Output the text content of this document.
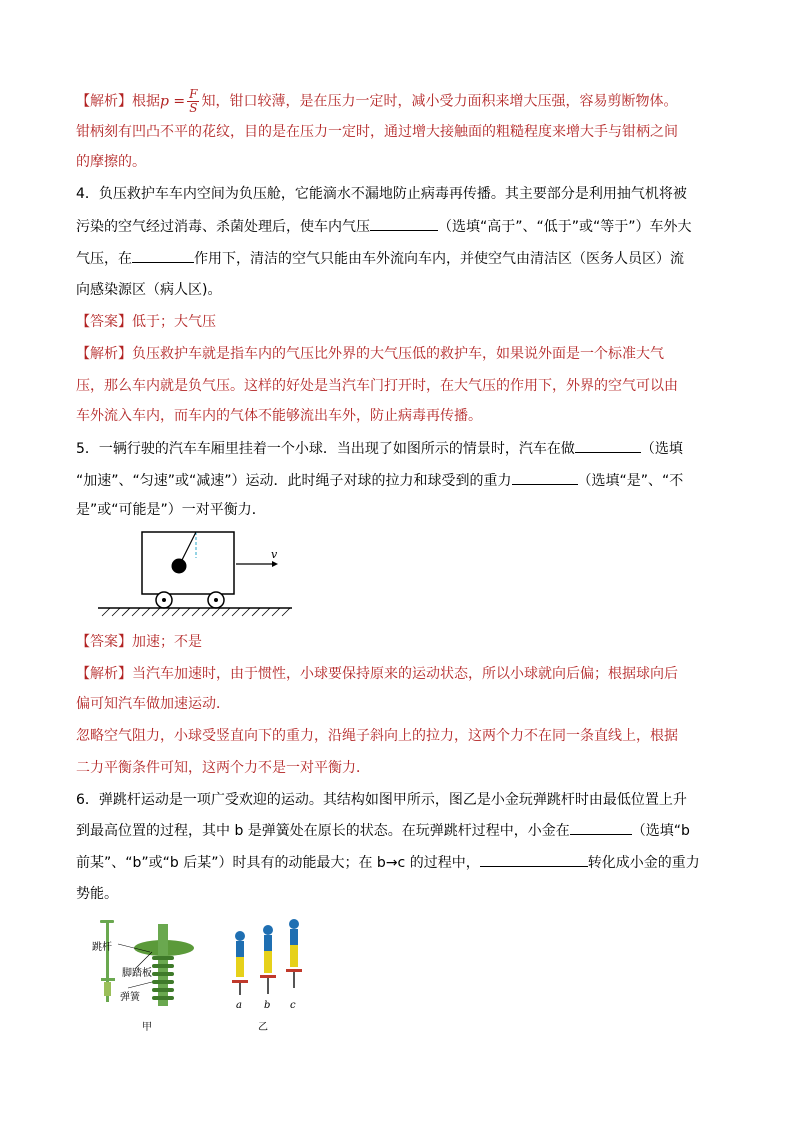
【解析】根据$p = \frac{F}{S}$ 知，钳口较薄，是在压力一定时，减小受力面积来增大压强，容易剪断物体。
钳柄刻有凹凸不平的花纹，目的是在压力一定时，通过增大接触面的粗糙程度来增大手与钳柄之间
的摩擦的。
4．负压救护车车内空间为负压舱，它能滴水不漏地防止病毒再传播。其主要部分是利用抽气机将被
污染的空气经过消毒、杀菌处理后，使车内气压	（选填“高于”、“低于”或“等于”）车外大
气压，在	作用下，清洁的空气只能由车外流向车内，并使空气由清洁区（医务人员区）流
向感染源区（病人区)。
【答案】低于；大气压
【解析】负压救护车就是指车内的气压比外界的大气压低的救护车，如果说外面是一个标准大气
压，那么车内就是负气压。这样的好处是当汽车门打开时，在大气压的作用下，外界的空气可以由
车外流入车内，而车内的气体不能够流出车外，防止病毒再传播。
5．一辆行驶的汽车车厢里挂着一个小球．当出现了如图所示的情景时，汽车在做	（选填
“加速”、“匀速”或“减速”）运动．此时绳子对球的拉力和球受到的重力	（选填“是”、“不
是”或“可能是”）一对平衡力．
v
【答案】加速；不是
【解析】当汽车加速时，由于惯性，小球要保持原来的运动状态，所以小球就向后偏；根据球向后
偏可知汽车做加速运动．
忽略空气阻力，小球受竖直向下的重力，沿绳子斜向上的拉力，这两个力不在同一条直线上，根据
二力平衡条件可知，这两个力不是一对平衡力．
6．弹跳杆运动是一项广受欢迎的运动。其结构如图甲所示，图乙是小金玩弹跳杆时由最低位置上升
到最高位置的过程，其中 b 是弹簧处在原长的状态。在玩弹跳杆过程中，小金在	（选填“b
前某”、“b”或“b 后某”）时具有的动能最大；在 b→c 的过程中，	转化成小金的重力
势能。
跳杆
脚踏板
弹簧
甲
a b c
乙
